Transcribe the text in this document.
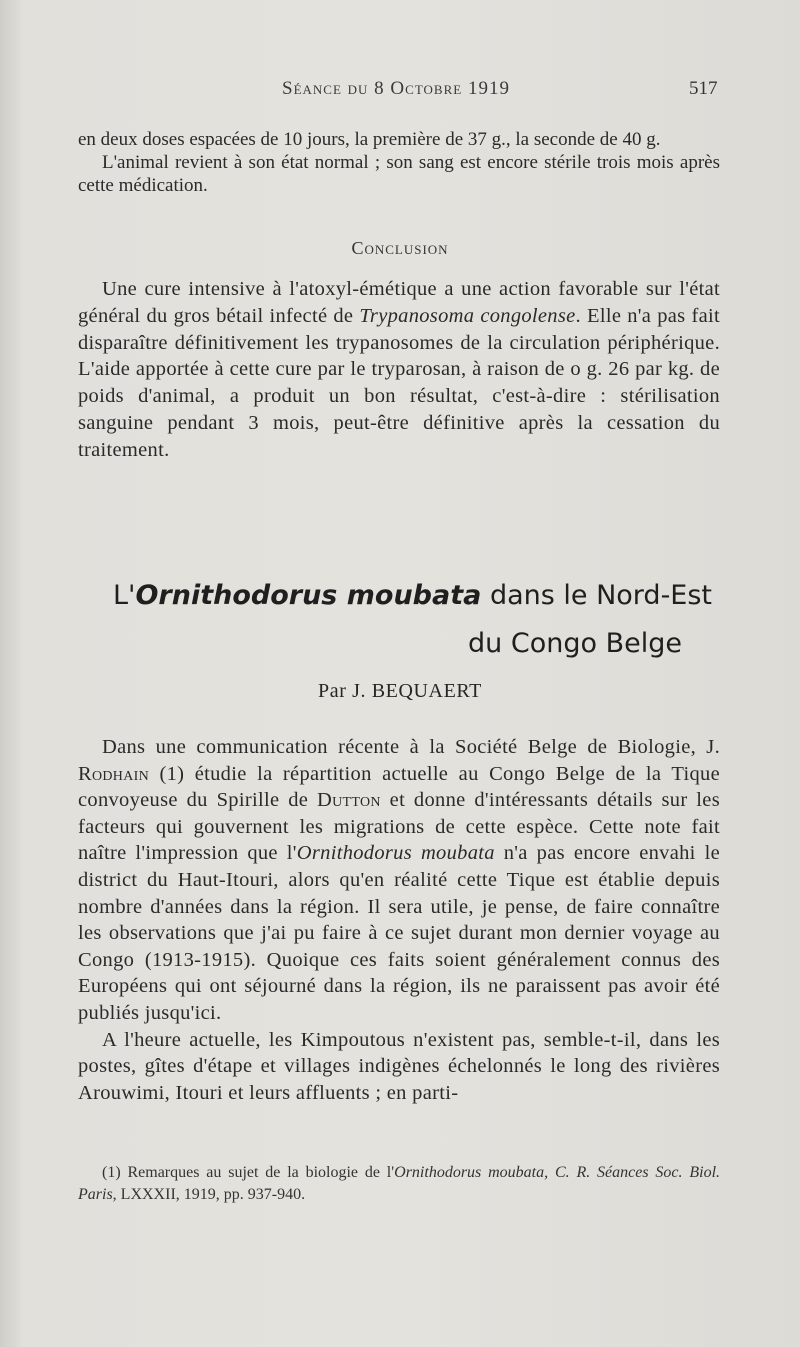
Séance du 8 Octobre 1919	517

en deux doses espacées de 10 jours, la première de 37 g., la seconde de 40 g.

L'animal revient à son état normal ; son sang est encore stérile trois mois après cette médication.

Conclusion

Une cure intensive à l'atoxyl-émétique a une action favorable sur l'état général du gros bétail infecté de Trypanosoma congolense. Elle n'a pas fait disparaître définitivement les trypanosomes de la circulation périphérique. L'aide apportée à cette cure par le tryparosan, à raison de o g. 26 par kg. de poids d'animal, a produit un bon résultat, c'est-à-dire : stérilisation sanguine pendant 3 mois, peut-être définitive après la cessation du traitement.

L'Ornithodorus moubata dans le Nord-Est
du Congo Belge
Par J. BEQUAERT

Dans une communication récente à la Société Belge de Biologie, J. Rodhain (1) étudie la répartition actuelle au Congo Belge de la Tique convoyeuse du Spirille de Dutton et donne d'intéressants détails sur les facteurs qui gouvernent les migrations de cette espèce. Cette note fait naître l'impression que l'Ornithodorus moubata n'a pas encore envahi le district du Haut-Itouri, alors qu'en réalité cette Tique est établie depuis nombre d'années dans la région. Il sera utile, je pense, de faire connaître les observations que j'ai pu faire à ce sujet durant mon dernier voyage au Congo (1913-1915). Quoique ces faits soient généralement connus des Européens qui ont séjourné dans la région, ils ne paraissent pas avoir été publiés jusqu'ici.

A l'heure actuelle, les Kimpoutous n'existent pas, semble-t-il, dans les postes, gîtes d'étape et villages indigènes échelonnés le long des rivières Arouwimi, Itouri et leurs affluents ; en parti-

(1) Remarques au sujet de la biologie de l'Ornithodorus moubata, C. R. Séances Soc. Biol. Paris, LXXXII, 1919, pp. 937-940.
